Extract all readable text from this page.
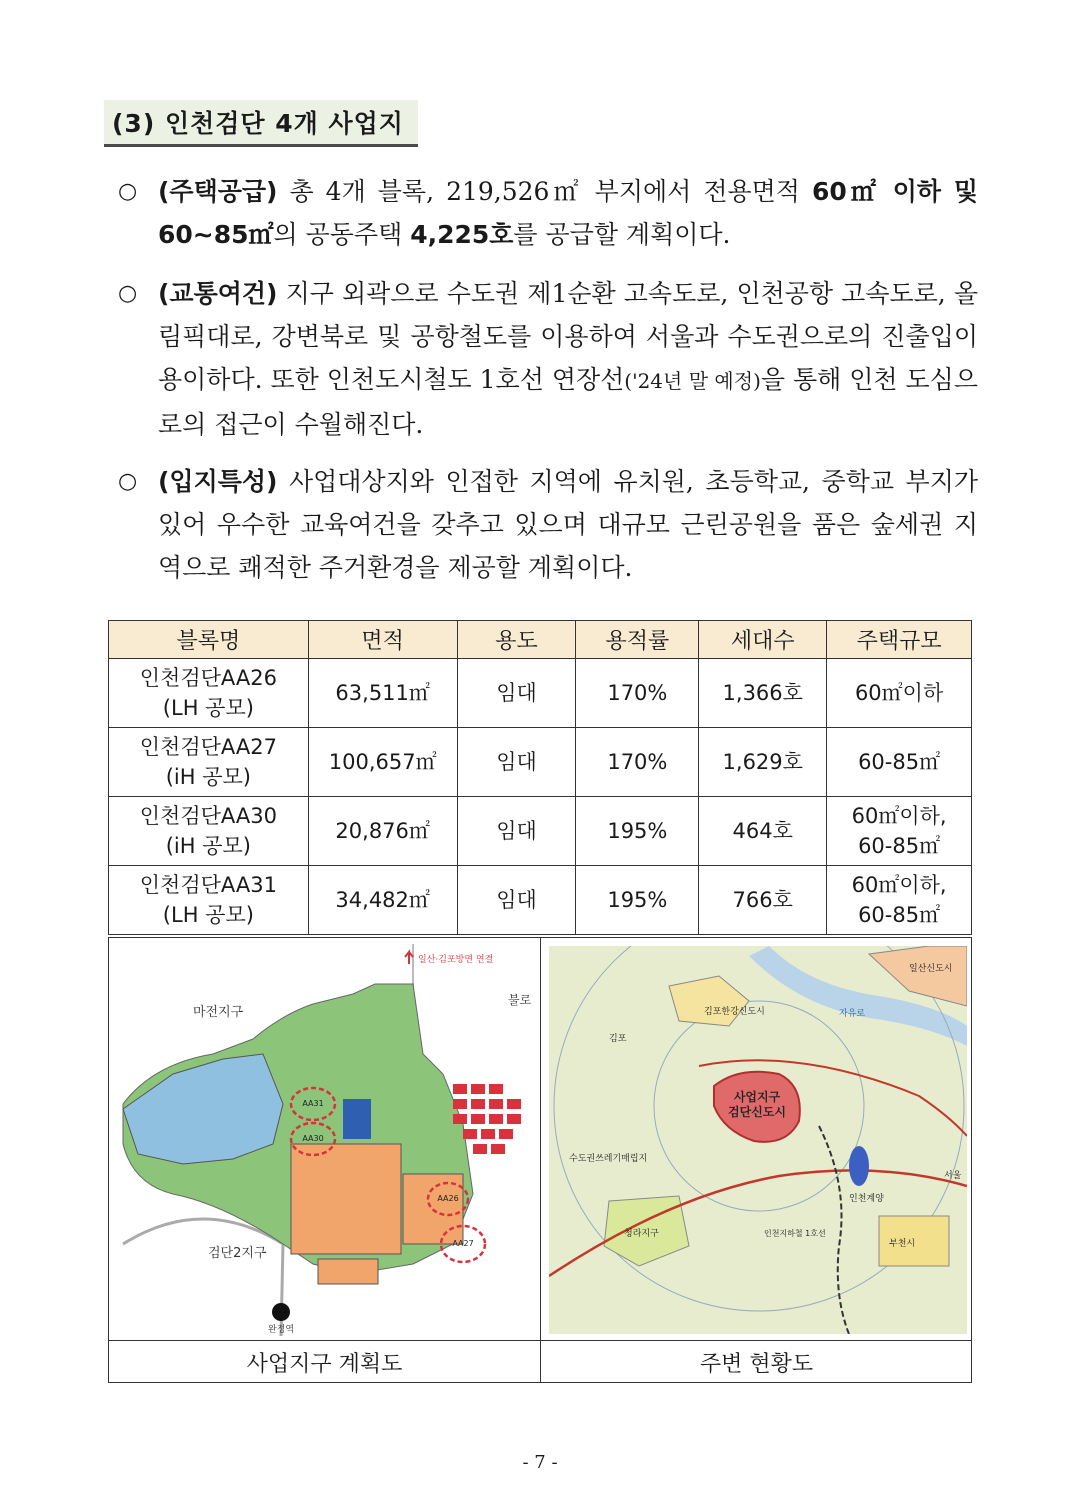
(3) 인천검단 4개 사업지
○ (주택공급) 총 4개 블록, 219,526㎡ 부지에서 전용면적 60㎡ 이하 및 60~85㎡의 공동주택 4,225호를 공급할 계획이다.
○ (교통여건) 지구 외곽으로 수도권 제1순환 고속도로, 인천공항 고속도로, 올림픽대로, 강변북로 및 공항철도를 이용하여 서울과 수도권으로의 진출입이 용이하다. 또한 인천도시철도 1호선 연장선('24년 말 예정)을 통해 인천 도심으로의 접근이 수월해진다.
○ (입지특성) 사업대상지와 인접한 지역에 유치원, 초등학교, 중학교 부지가 있어 우수한 교육여건을 갖추고 있으며 대규모 근린공원을 품은 숲세권 지역으로 쾌적한 주거환경을 제공할 계획이다.
블록명	면적	용도	용적률	세대수	주택규모
인천검단AA26
(LH 공모)	63,511㎡	임대	170%	1,366호	60㎡이하
인천검단AA27
(iH 공모)	100,657㎡	임대	170%	1,629호	60-85㎡
인천검단AA30
(iH 공모)	20,876㎡	임대	195%	464호	60㎡이하,
60-85㎡
인천검단AA31
(LH 공모)	34,482㎡	임대	195%	766호	60㎡이하,
60-85㎡
AA31
AA30
AA26
AA27
마전지구
검단2지구
불로
일산·김포방면 연결
완정역
사업지구
검단신도시
김포한강신도시
김포
일산신도시
자유로
수도권쓰레기매립지
인천계양
서울
청라지구
부천시
인천지하철 1호선
사업지구 계획도	주변 현황도
- 7 -
